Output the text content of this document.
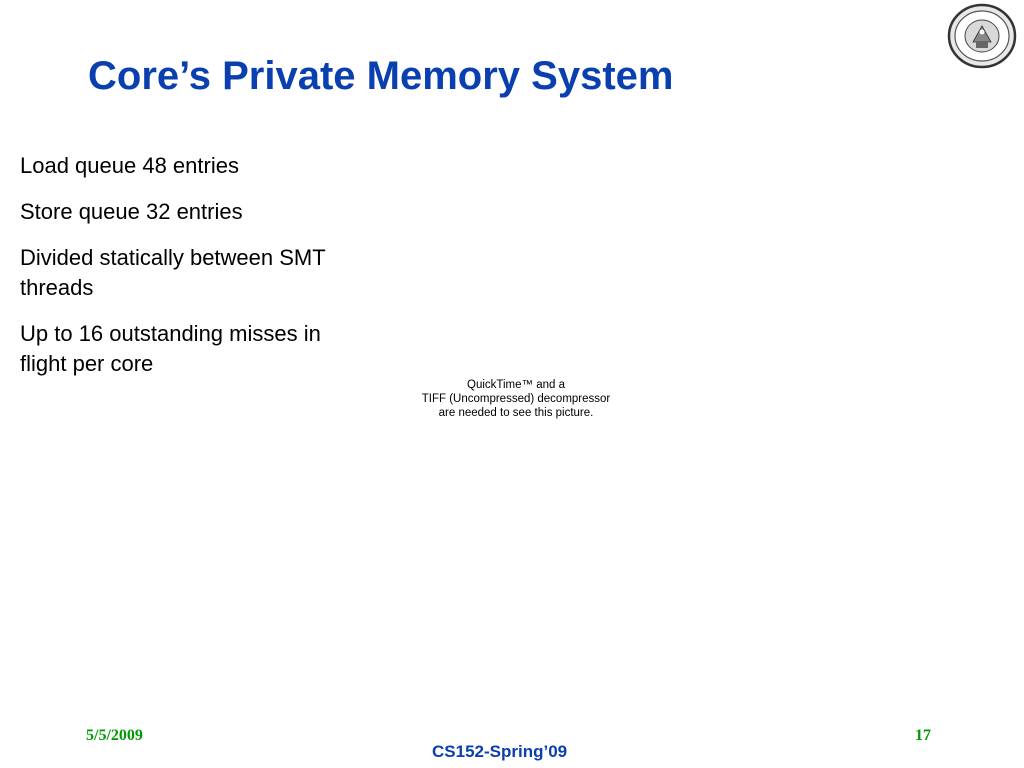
Core’s Private Memory System
Load queue 48 entries
Store queue 32 entries
Divided statically between SMT threads
Up to 16 outstanding misses in flight per core
QuickTime™ and a
TIFF (Uncompressed) decompressor
are needed to see this picture.
5/5/2009	17
CS152-Spring’09
